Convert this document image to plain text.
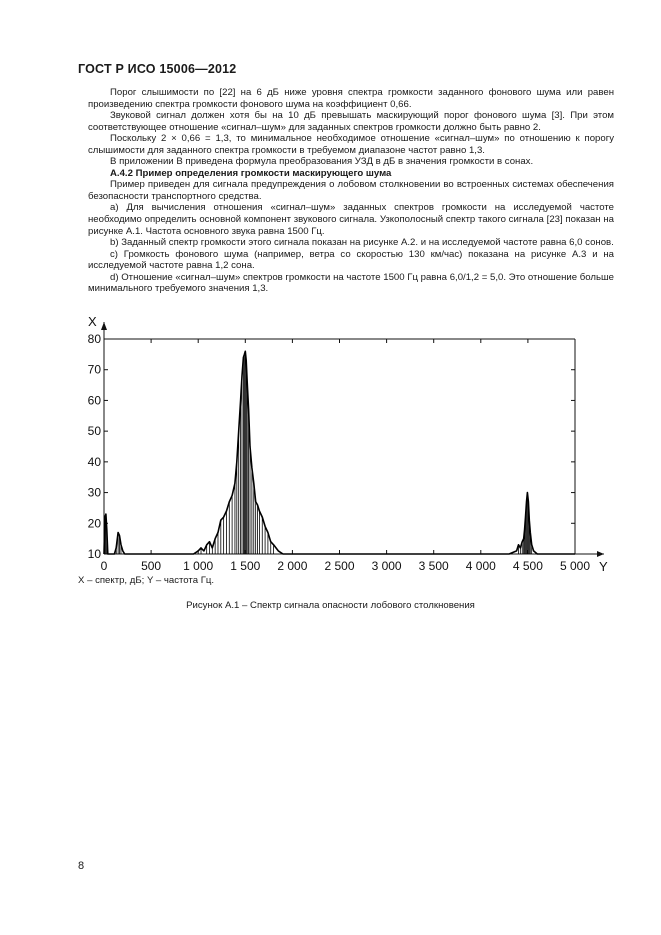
ГОСТ Р ИСО 15006—2012

Порог слышимости по [22] на 6 дБ ниже уровня спектра громкости заданного фонового шума или равен произведению спектра громкости фонового шума на коэффициент 0,66.

Звуковой сигнал должен хотя бы на 10 дБ превышать маскирующий порог фонового шума [3]. При этом соответствующее отношение «сигнал–шум» для заданных спектров громкости должно быть равно 2.

Поскольку 2 × 0,66 = 1,3, то минимальное необходимое отношение «сигнал–шум» по отношению к порогу слышимости для заданного спектра громкости в требуемом диапазоне частот равно 1,3.

В приложении В приведена формула преобразования УЗД в дБ в значения громкости в сонах.

А.4.2 Пример определения громкости маскирующего шума

Пример приведен для сигнала предупреждения о лобовом столкновении во встроенных системах обеспечения безопасности транспортного средства.

a) Для вычисления отношения «сигнал–шум» заданных спектров громкости на исследуемой частоте необходимо определить основной компонент звукового сигнала. Узкополосный спектр такого сигнала [23] показан на рисунке А.1. Частота основного звука равна 1500 Гц.

b) Заданный спектр громкости этого сигнала показан на рисунке А.2. и на исследуемой частоте равна 6,0 сонов.

c) Громкость фонового шума (например, ветра со скоростью 130 км/час) показана на рисунке А.3 и на исследуемой частоте равна 1,2 сона.

d) Отношение «сигнал–шум» спектров громкости на частоте 1500 Гц равна 6,0/1,2 = 5,0. Это отношение больше минимального требуемого значения 1,3.

0	500 1 000 1 500 2 000 2 500 3 000 3 500 4 000 4 500 5 000
10
20
30
40
50
60
70
80
X
Y
X – спектр, дБ; Y – частота Гц.
Рисунок А.1 – Спектр сигнала опасности лобового столкновения
8
